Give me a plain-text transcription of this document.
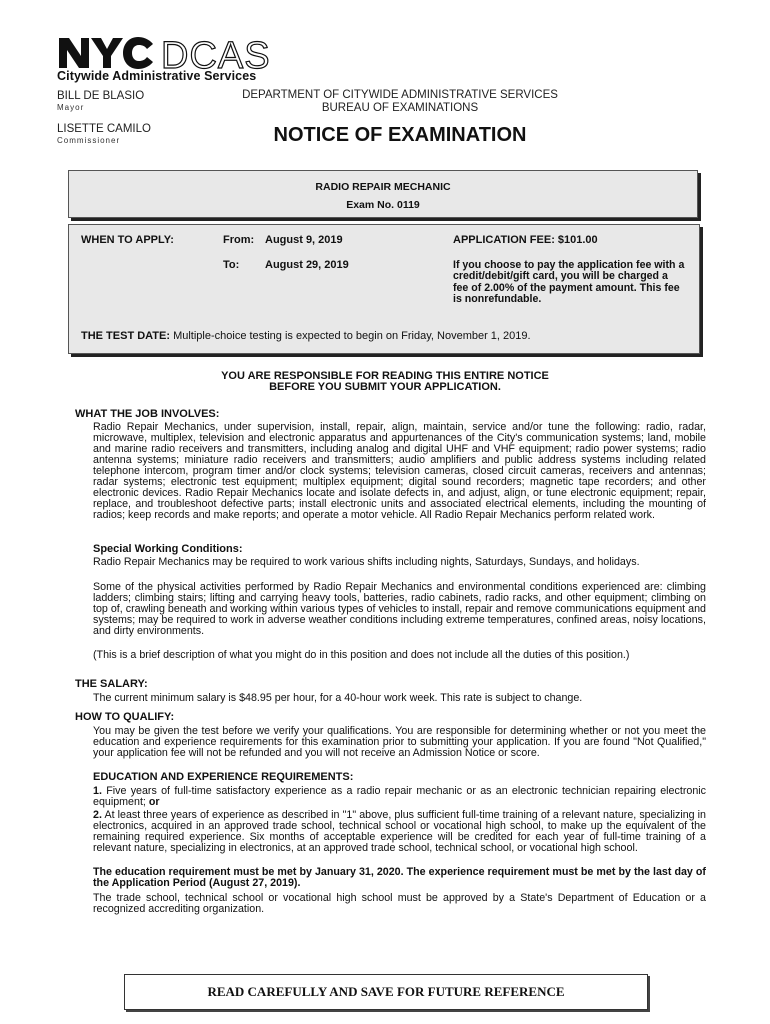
DCAS
Citywide Administrative Services
BILL DE BLASIO
Mayor
LISETTE CAMILO
Commissioner
DEPARTMENT OF CITYWIDE ADMINISTRATIVE SERVICES
BUREAU OF EXAMINATIONS
NOTICE OF EXAMINATION
RADIO REPAIR MECHANIC
Exam No. 0119
WHEN TO APPLY:	From: August 9, 2019
To: August 29, 2019
APPLICATION FEE: $101.00
If you choose to pay the application fee with a credit/debit/gift card, you will be charged a fee of 2.00% of the payment amount. This fee is nonrefundable.
THE TEST DATE: Multiple-choice testing is expected to begin on Friday, November 1, 2019.
YOU ARE RESPONSIBLE FOR READING THIS ENTIRE NOTICE
BEFORE YOU SUBMIT YOUR APPLICATION.
WHAT THE JOB INVOLVES:
Radio Repair Mechanics, under supervision, install, repair, align, maintain, service and/or tune the following: radio, radar, microwave, multiplex, television and electronic apparatus and appurtenances of the City's communication systems; land, mobile and marine radio receivers and transmitters, including analog and digital UHF and VHF equipment; radio power systems; radio antenna systems; miniature radio receivers and transmitters; audio amplifiers and public address systems including related telephone intercom, program timer and/or clock systems; television cameras, closed circuit cameras, receivers and antennas; radar systems; electronic test equipment; multiplex equipment; digital sound recorders; magnetic tape recorders; and other electronic devices. Radio Repair Mechanics locate and isolate defects in, and adjust, align, or tune electronic equipment; repair, replace, and troubleshoot defective parts; install electronic units and associated electrical elements, including the mounting of radios; keep records and make reports; and operate a motor vehicle. All Radio Repair Mechanics perform related work.
Special Working Conditions:
Radio Repair Mechanics may be required to work various shifts including nights, Saturdays, Sundays, and holidays.
Some of the physical activities performed by Radio Repair Mechanics and environmental conditions experienced are: climbing ladders; climbing stairs; lifting and carrying heavy tools, batteries, radio cabinets, radio racks, and other equipment; climbing on top of, crawling beneath and working within various types of vehicles to install, repair and remove communications equipment and systems; may be required to work in adverse weather conditions including extreme temperatures, confined areas, noisy locations, and dirty environments.
(This is a brief description of what you might do in this position and does not include all the duties of this position.)
THE SALARY:
The current minimum salary is $48.95 per hour, for a 40-hour work week. This rate is subject to change.
HOW TO QUALIFY:
You may be given the test before we verify your qualifications. You are responsible for determining whether or not you meet the education and experience requirements for this examination prior to submitting your application. If you are found "Not Qualified," your application fee will not be refunded and you will not receive an Admission Notice or score.
EDUCATION AND EXPERIENCE REQUIREMENTS:
1. Five years of full-time satisfactory experience as a radio repair mechanic or as an electronic technician repairing electronic equipment; or
2. At least three years of experience as described in "1" above, plus sufficient full-time training of a relevant nature, specializing in electronics, acquired in an approved trade school, technical school or vocational high school, to make up the equivalent of the remaining required experience. Six months of acceptable experience will be credited for each year of full-time training of a relevant nature, specializing in electronics, at an approved trade school, technical school, or vocational high school.
The education requirement must be met by January 31, 2020. The experience requirement must be met by the last day of the Application Period (August 27, 2019).
The trade school, technical school or vocational high school must be approved by a State's Department of Education or a recognized accrediting organization.
READ CAREFULLY AND SAVE FOR FUTURE REFERENCE
